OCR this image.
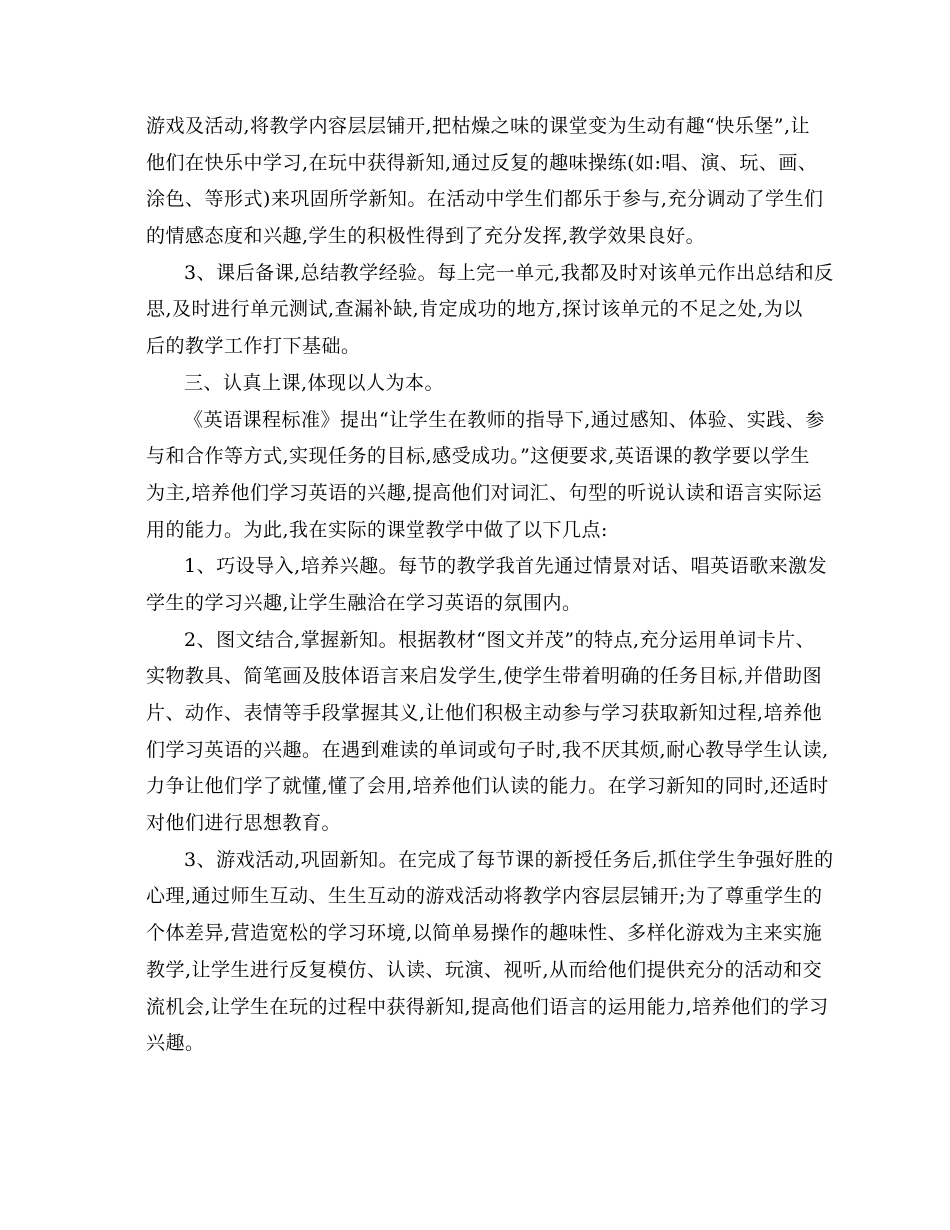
游戏及活动,将教学内容层层铺开,把枯燥之味的课堂变为生动有趣“快乐堡”,让
他们在快乐中学习,在玩中获得新知,通过反复的趣味操练(如:唱、演、玩、画、
涂色、等形式)来巩固所学新知。在活动中学生们都乐于参与,充分调动了学生们
的情感态度和兴趣,学生的积极性得到了充分发挥,教学效果良好。
3、课后备课,总结教学经验。每上完一单元,我都及时对该单元作出总结和反
思,及时进行单元测试,查漏补缺,肯定成功的地方,探讨该单元的不足之处,为以
后的教学工作打下基础。
三、认真上课,体现以人为本。
《英语课程标准》提出“让学生在教师的指导下,通过感知、体验、实践、参
与和合作等方式,实现任务的目标,感受成功。”这便要求,英语课的教学要以学生
为主,培养他们学习英语的兴趣,提高他们对词汇、句型的听说认读和语言实际运
用的能力。为此,我在实际的课堂教学中做了以下几点:
1、巧设导入,培养兴趣。每节的教学我首先通过情景对话、唱英语歌来激发
学生的学习兴趣,让学生融洽在学习英语的氛围内。
2、图文结合,掌握新知。根据教材“图文并茂”的特点,充分运用单词卡片、
实物教具、简笔画及肢体语言来启发学生,使学生带着明确的任务目标,并借助图
片、动作、表情等手段掌握其义,让他们积极主动参与学习获取新知过程,培养他
们学习英语的兴趣。在遇到难读的单词或句子时,我不厌其烦,耐心教导学生认读,
力争让他们学了就懂,懂了会用,培养他们认读的能力。在学习新知的同时,还适时
对他们进行思想教育。
3、游戏活动,巩固新知。在完成了每节课的新授任务后,抓住学生争强好胜的
心理,通过师生互动、生生互动的游戏活动将教学内容层层铺开;为了尊重学生的
个体差异,营造宽松的学习环境,以简单易操作的趣味性、多样化游戏为主来实施
教学,让学生进行反复模仿、认读、玩演、视听,从而给他们提供充分的活动和交
流机会,让学生在玩的过程中获得新知,提高他们语言的运用能力,培养他们的学习
兴趣。
